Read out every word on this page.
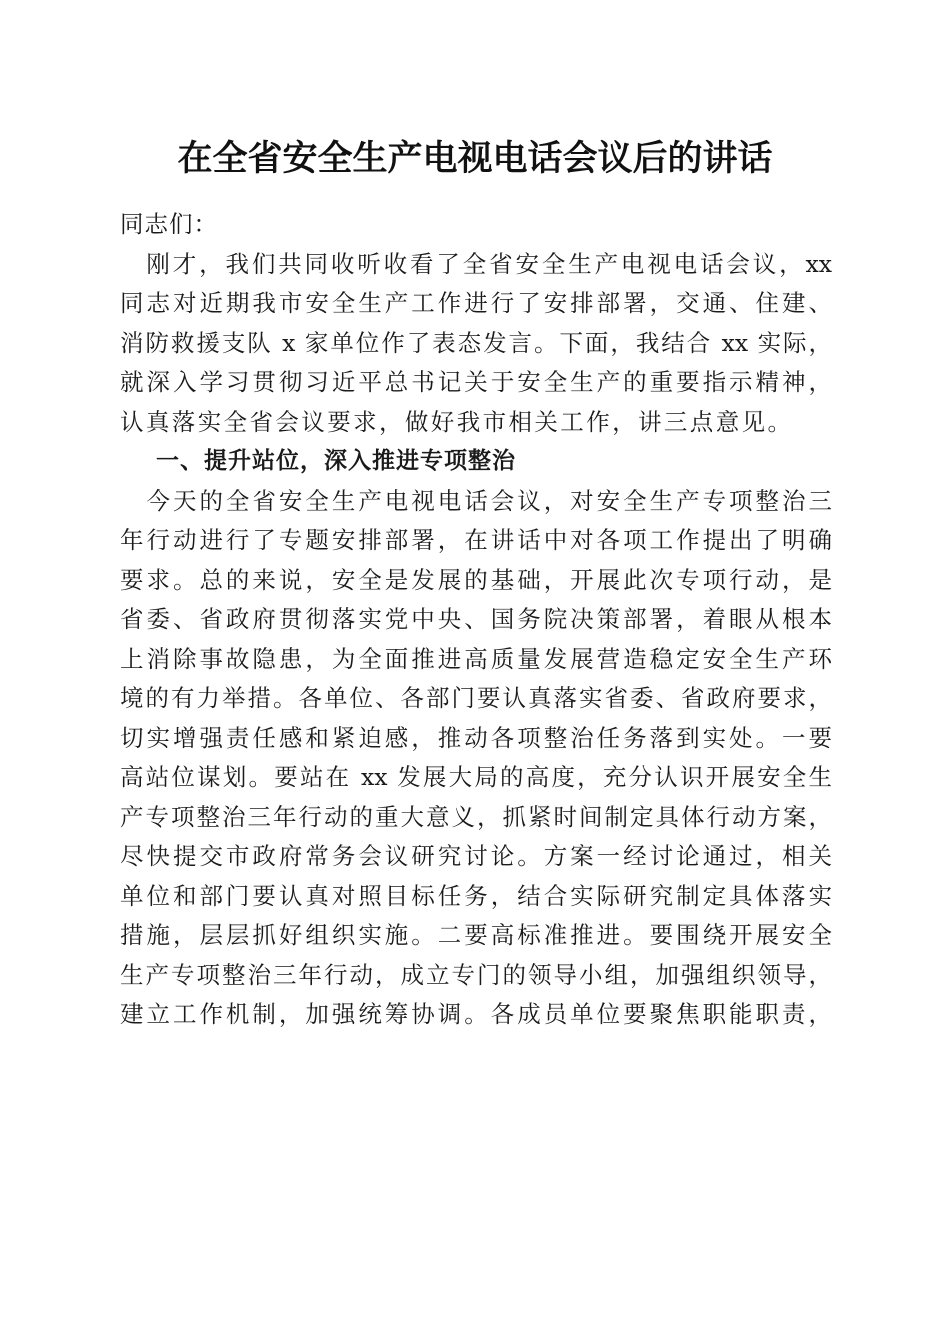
在全省安全生产电视电话会议后的讲话
同志们：
　刚才，我们共同收听收看了全省安全生产电视电话会议，xx
同志对近期我市安全生产工作进行了安排部署，交通、住建、
消防救援支队 x 家单位作了表态发言。下面，我结合 xx 实际，
就深入学习贯彻习近平总书记关于安全生产的重要指示精神，
认真落实全省会议要求，做好我市相关工作，讲三点意见。
一、提升站位，深入推进专项整治
　今天的全省安全生产电视电话会议，对安全生产专项整治三
年行动进行了专题安排部署，在讲话中对各项工作提出了明确
要求。总的来说，安全是发展的基础，开展此次专项行动，是
省委、省政府贯彻落实党中央、国务院决策部署，着眼从根本
上消除事故隐患，为全面推进高质量发展营造稳定安全生产环
境的有力举措。各单位、各部门要认真落实省委、省政府要求，
切实增强责任感和紧迫感，推动各项整治任务落到实处。一要
高站位谋划。要站在 xx 发展大局的高度，充分认识开展安全生
产专项整治三年行动的重大意义，抓紧时间制定具体行动方案，
尽快提交市政府常务会议研究讨论。方案一经讨论通过，相关
单位和部门要认真对照目标任务，结合实际研究制定具体落实
措施，层层抓好组织实施。二要高标准推进。要围绕开展安全
生产专项整治三年行动，成立专门的领导小组，加强组织领导，
建立工作机制，加强统筹协调。各成员单位要聚焦职能职责，
